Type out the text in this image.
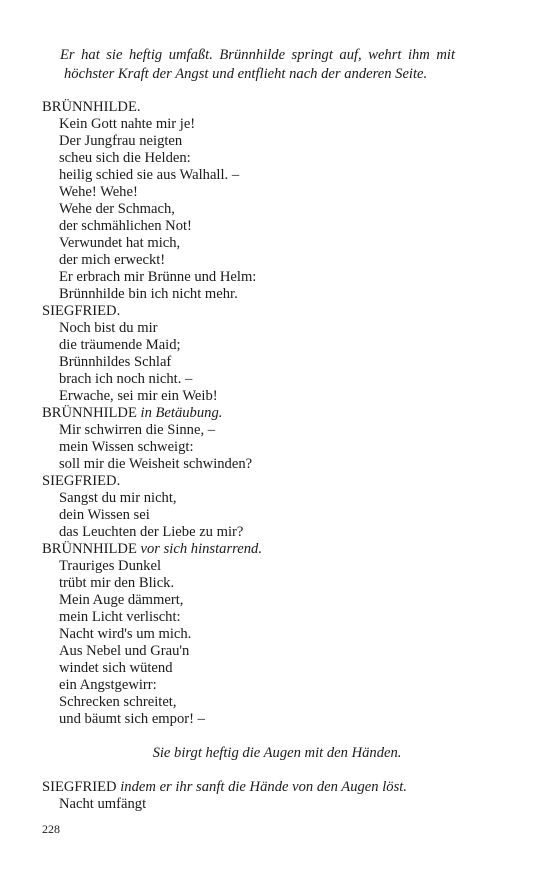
Er hat sie heftig umfaßt. Brünnhilde springt auf, wehrt ihm mit
höchster Kraft der Angst und entflieht nach der anderen Seite.
BRÜNNHILDE.
Kein Gott nahte mir je!
Der Jungfrau neigten
scheu sich die Helden:
heilig schied sie aus Walhall. –
Wehe! Wehe!
Wehe der Schmach,
der schmählichen Not!
Verwundet hat mich,
der mich erweckt!
Er erbrach mir Brünne und Helm:
Brünnhilde bin ich nicht mehr.
SIEGFRIED.
Noch bist du mir
die träumende Maid;
Brünnhildes Schlaf
brach ich noch nicht. –
Erwache, sei mir ein Weib!
BRÜNNHILDE in Betäubung.
Mir schwirren die Sinne, –
mein Wissen schweigt:
soll mir die Weisheit schwinden?
SIEGFRIED.
Sangst du mir nicht,
dein Wissen sei
das Leuchten der Liebe zu mir?
BRÜNNHILDE vor sich hinstarrend.
Trauriges Dunkel
trübt mir den Blick.
Mein Auge dämmert,
mein Licht verlischt:
Nacht wird's um mich.
Aus Nebel und Grau'n
windet sich wütend
ein Angstgewirr:
Schrecken schreitet,
und bäumt sich empor! –
Sie birgt heftig die Augen mit den Händen.
SIEGFRIED indem er ihr sanft die Hände von den Augen löst.
Nacht umfängt
228
